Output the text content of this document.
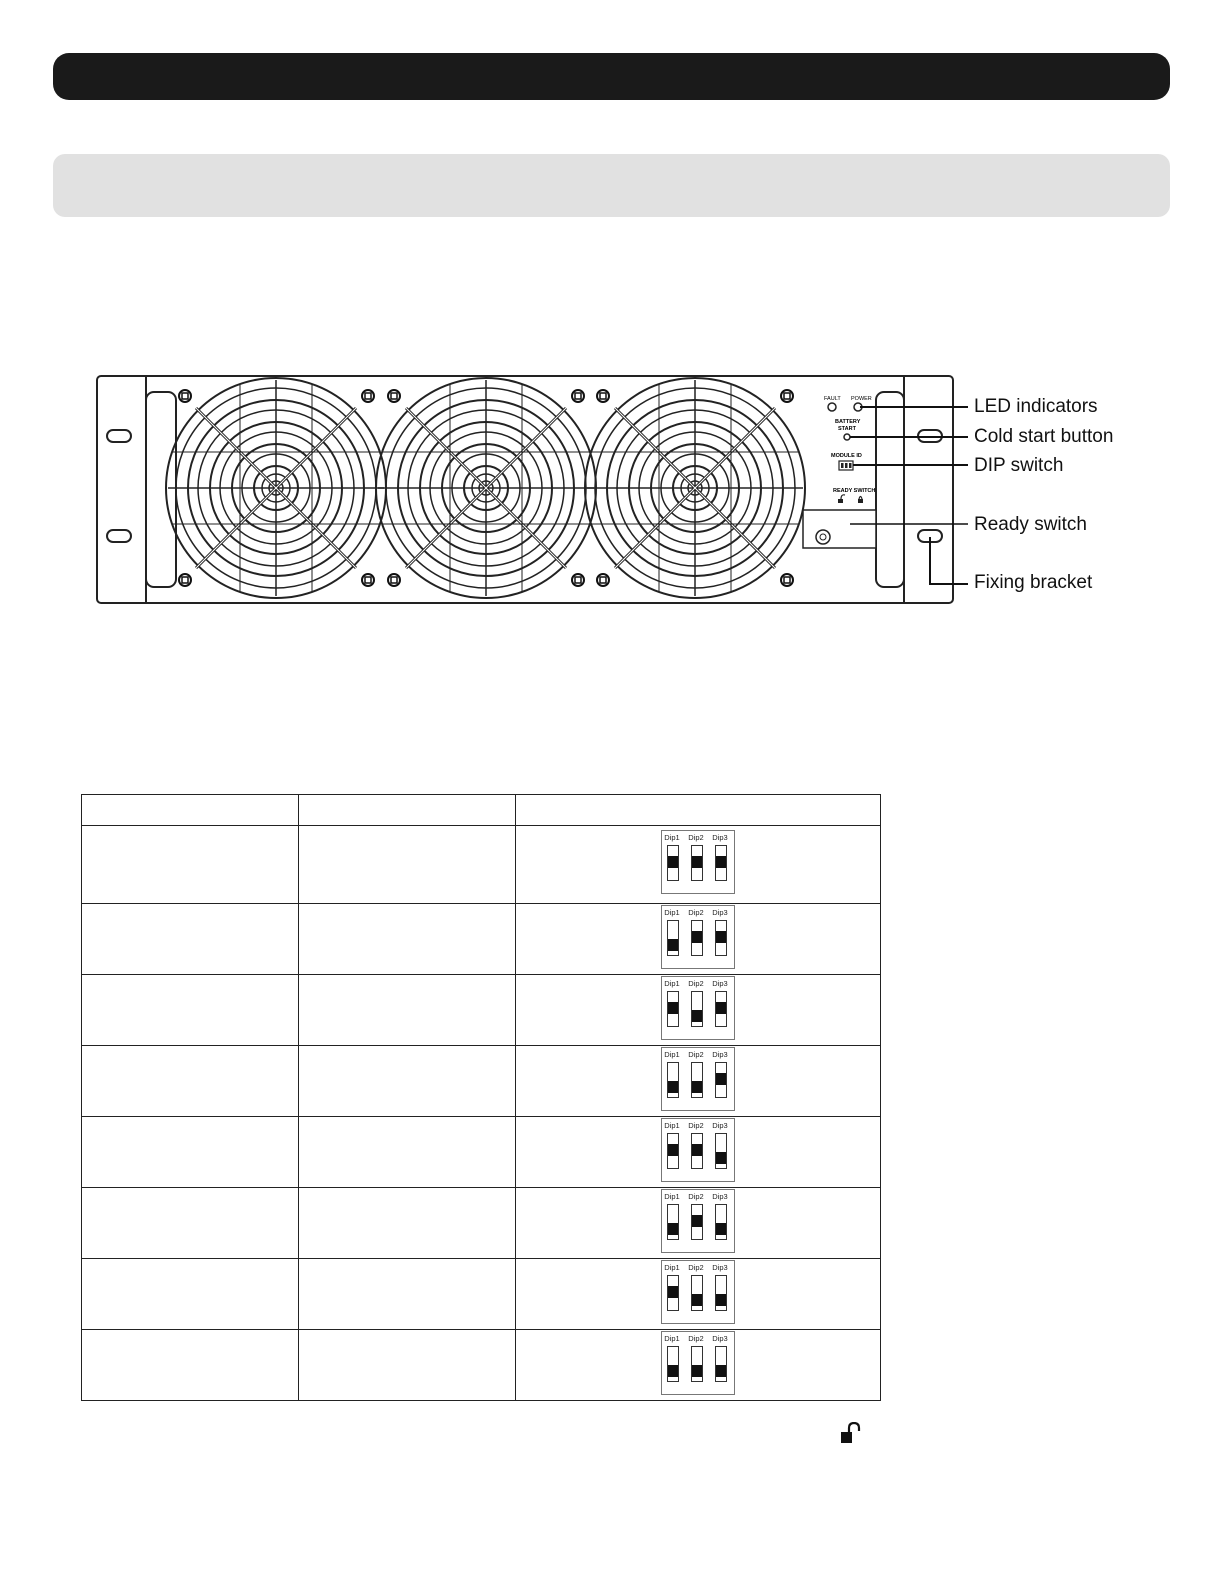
FAULT POWER
BATTERY
START
MODULE ID
READY SWITCH
LED indicators
Cold start button
DIP switch
Ready switch
Fixing bracket

		Dip1 Dip2 Dip3

		Dip1 Dip2 Dip3

		Dip1 Dip2 Dip3

		Dip1 Dip2 Dip3

		Dip1 Dip2 Dip3

		Dip1 Dip2 Dip3

		Dip1 Dip2 Dip3

		Dip1 Dip2 Dip3
